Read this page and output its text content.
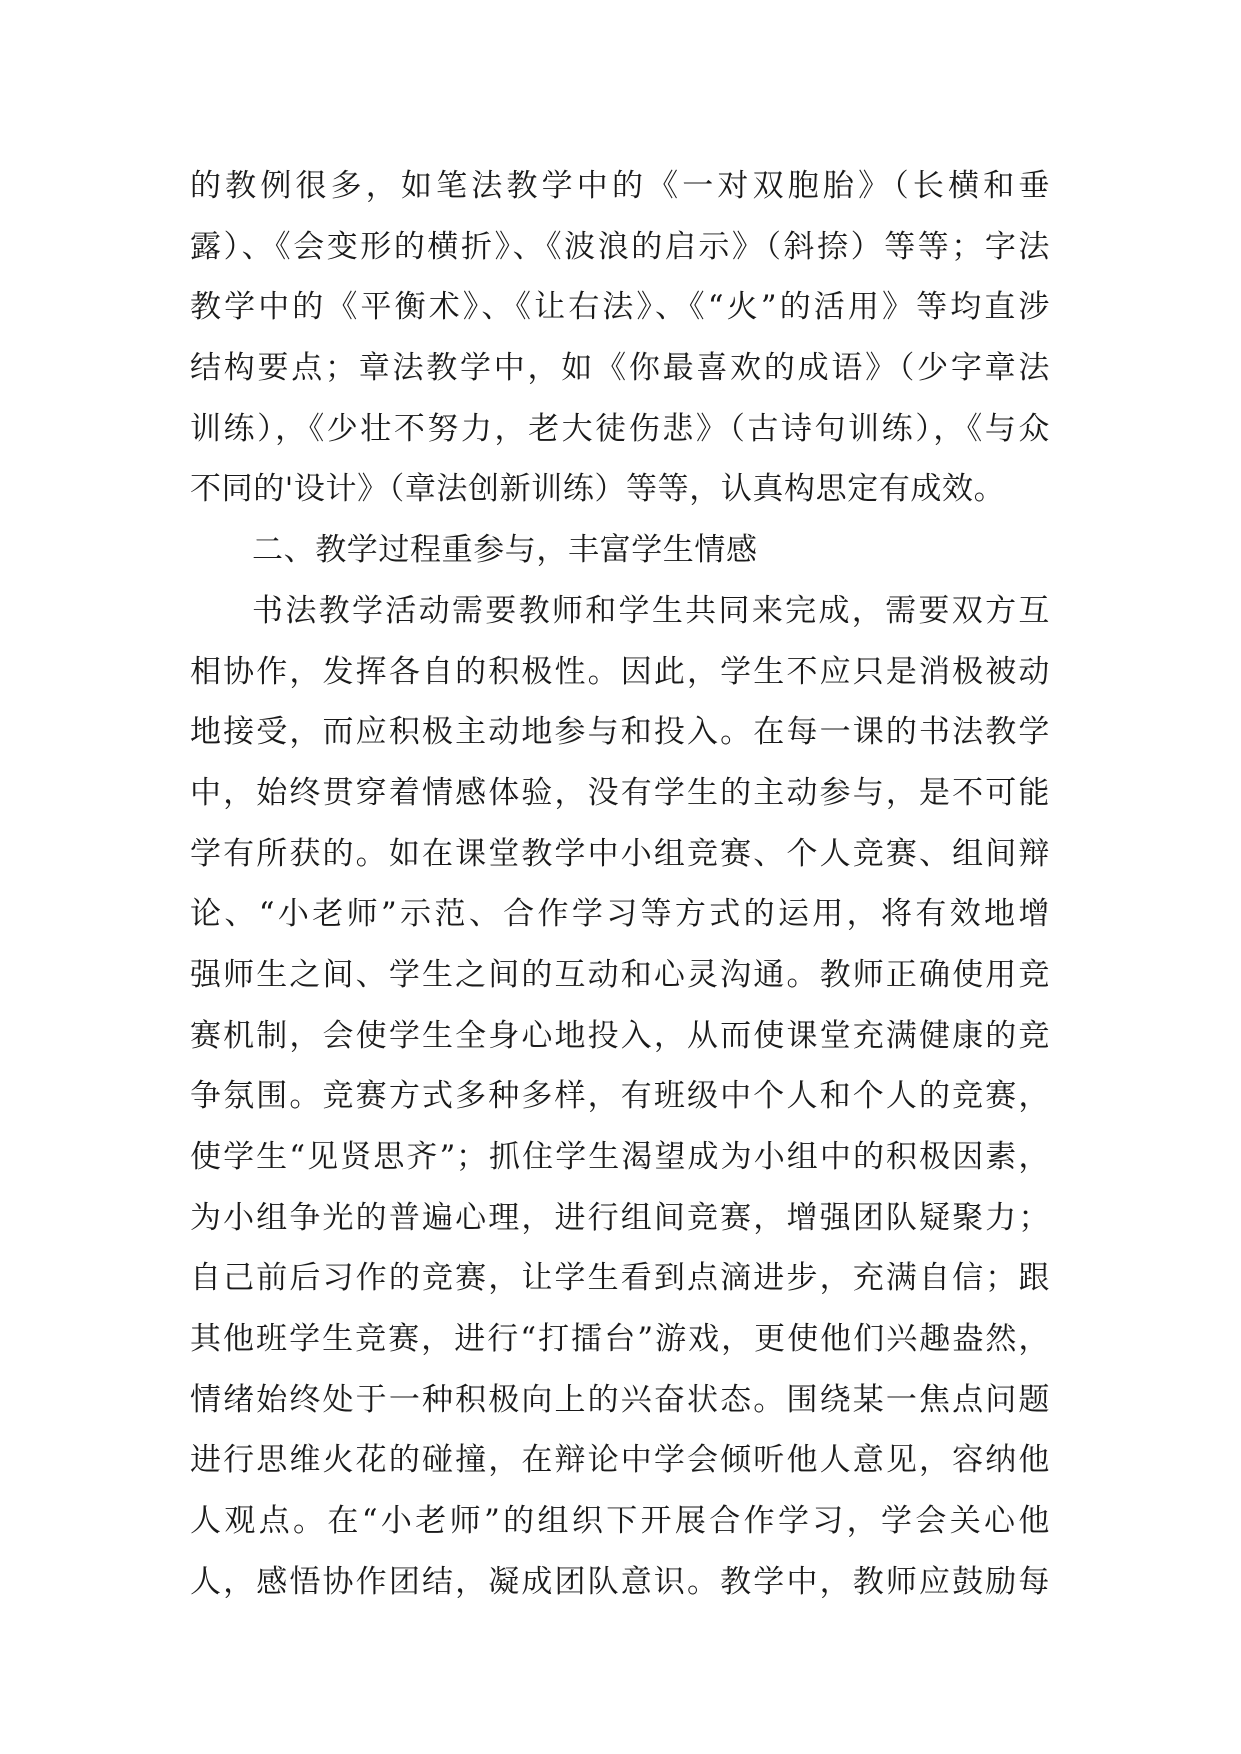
的教例很多，如笔法教学中的《一对双胞胎》（长横和垂
露）、《会变形的横折》、《波浪的启示》（斜捺）等等；字法
教学中的《平衡术》、《让右法》、《“火”的活用》等均直涉
结构要点；章法教学中，如《你最喜欢的成语》（少字章法
训练），《少壮不努力，老大徒伤悲》（古诗句训练），《与众
不同的'设计》（章法创新训练）等等，认真构思定有成效。
二、教学过程重参与，丰富学生情感
书法教学活动需要教师和学生共同来完成，需要双方互
相协作，发挥各自的积极性。因此，学生不应只是消极被动
地接受，而应积极主动地参与和投入。在每一课的书法教学
中，始终贯穿着情感体验，没有学生的主动参与，是不可能
学有所获的。如在课堂教学中小组竞赛、个人竞赛、组间辩
论、“小老师”示范、合作学习等方式的运用，将有效地增
强师生之间、学生之间的互动和心灵沟通。教师正确使用竞
赛机制，会使学生全身心地投入，从而使课堂充满健康的竞
争氛围。竞赛方式多种多样，有班级中个人和个人的竞赛，
使学生“见贤思齐”；抓住学生渴望成为小组中的积极因素，
为小组争光的普遍心理，进行组间竞赛，增强团队疑聚力；
自己前后习作的竞赛，让学生看到点滴进步，充满自信；跟
其他班学生竞赛，进行“打擂台”游戏，更使他们兴趣盎然，
情绪始终处于一种积极向上的兴奋状态。围绕某一焦点问题
进行思维火花的碰撞，在辩论中学会倾听他人意见，容纳他
人观点。在“小老师”的组织下开展合作学习，学会关心他
人，感悟协作团结，凝成团队意识。教学中，教师应鼓励每
